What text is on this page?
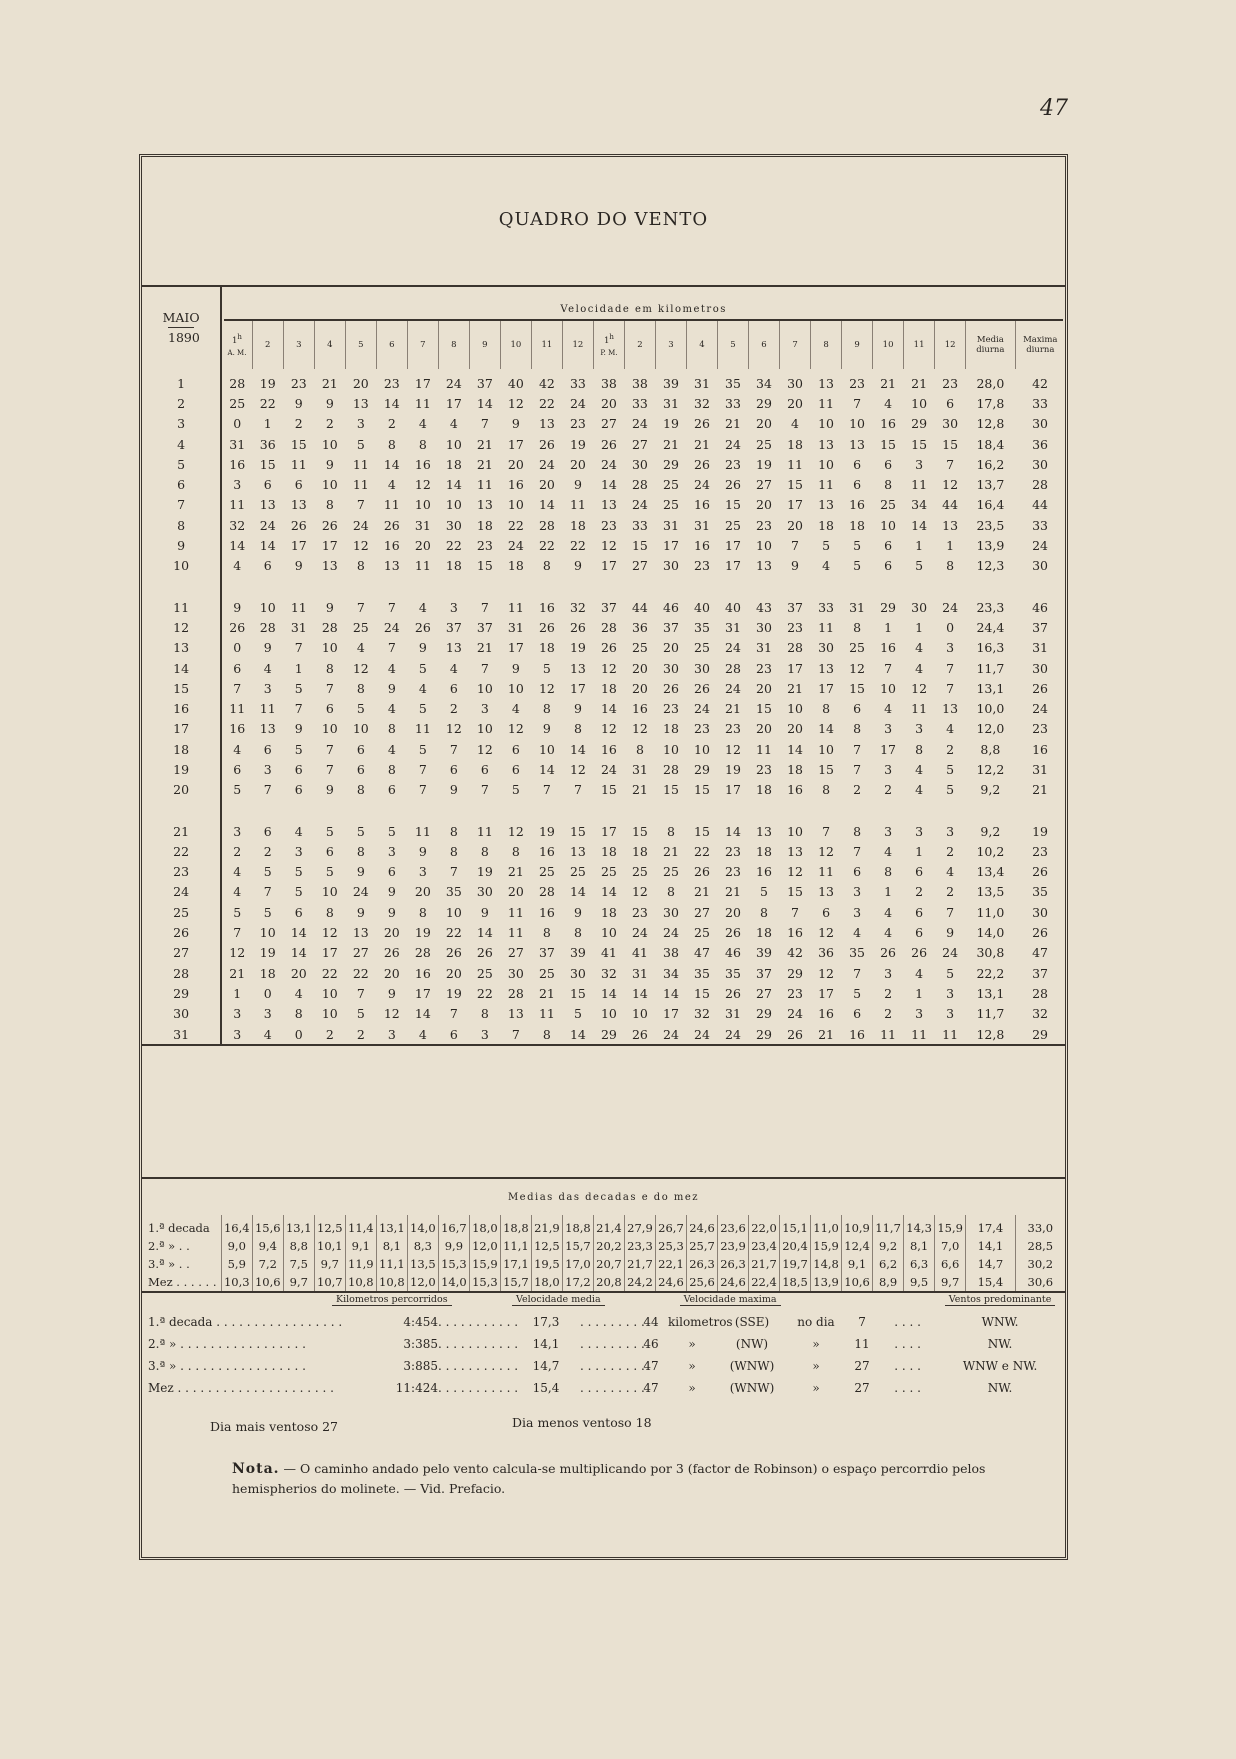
47
QUADRO DO VENTO
MAIO
1890	Velocidade em kilometros																									

	1$^h$
A. M.	2	3	4	5	6	7	8	9	10	11	12	1$^h$
P. M.	2	3	4	5	6	7	8	9	10	11	12	Media diurna	Maxima diurna
1	28	19	23	21	20	23	17	24	37	40	42	33	38	38	39	31	35	34	30	13	23	21	21	23	28,0	42
2	25	22	9	9	13	14	11	17	14	12	22	24	20	33	31	32	33	29	20	11	7	4	10	6	17,8	33
3	0	1	2	2	3	2	4	4	7	9	13	23	27	24	19	26	21	20	4	10	10	16	29	30	12,8	30
4	31	36	15	10	5	8	8	10	21	17	26	19	26	27	21	21	24	25	18	13	13	15	15	15	18,4	36
5	16	15	11	9	11	14	16	18	21	20	24	20	24	30	29	26	23	19	11	10	6	6	3	7	16,2	30
6	3	6	6	10	11	4	12	14	11	16	20	9	14	28	25	24	26	27	15	11	6	8	11	12	13,7	28
7	11	13	13	8	7	11	10	10	13	10	14	11	13	24	25	16	15	20	17	13	16	25	34	44	16,4	44
8	32	24	26	26	24	26	31	30	18	22	28	18	23	33	31	31	25	23	20	18	18	10	14	13	23,5	33
9	14	14	17	17	12	16	20	22	23	24	22	22	12	15	17	16	17	10	7	5	5	6	1	1	13,9	24
10	4	6	9	13	8	13	11	18	15	18	8	9	17	27	30	23	17	13	9	4	5	6	5	8	12,3	30

11	9	10	11	9	7	7	4	3	7	11	16	32	37	44	46	40	40	43	37	33	31	29	30	24	23,3	46
12	26	28	31	28	25	24	26	37	37	31	26	26	28	36	37	35	31	30	23	11	8	1	1	0	24,4	37
13	0	9	7	10	4	7	9	13	21	17	18	19	26	25	20	25	24	31	28	30	25	16	4	3	16,3	31
14	6	4	1	8	12	4	5	4	7	9	5	13	12	20	30	30	28	23	17	13	12	7	4	7	11,7	30
15	7	3	5	7	8	9	4	6	10	10	12	17	18	20	26	26	24	20	21	17	15	10	12	7	13,1	26
16	11	11	7	6	5	4	5	2	3	4	8	9	14	16	23	24	21	15	10	8	6	4	11	13	10,0	24
17	16	13	9	10	10	8	11	12	10	12	9	8	12	12	18	23	23	20	20	14	8	3	3	4	12,0	23
18	4	6	5	7	6	4	5	7	12	6	10	14	16	8	10	10	12	11	14	10	7	17	8	2	8,8	16
19	6	3	6	7	6	8	7	6	6	6	14	12	24	31	28	29	19	23	18	15	7	3	4	5	12,2	31
20	5	7	6	9	8	6	7	9	7	5	7	7	15	21	15	15	17	18	16	8	2	2	4	5	9,2	21

21	3	6	4	5	5	5	11	8	11	12	19	15	17	15	8	15	14	13	10	7	8	3	3	3	9,2	19
22	2	2	3	6	8	3	9	8	8	8	16	13	18	18	21	22	23	18	13	12	7	4	1	2	10,2	23
23	4	5	5	5	9	6	3	7	19	21	25	25	25	25	25	26	23	16	12	11	6	8	6	4	13,4	26
24	4	7	5	10	24	9	20	35	30	20	28	14	14	12	8	21	21	5	15	13	3	1	2	2	13,5	35
25	5	5	6	8	9	9	8	10	9	11	16	9	18	23	30	27	20	8	7	6	3	4	6	7	11,0	30
26	7	10	14	12	13	20	19	22	14	11	8	8	10	24	24	25	26	18	16	12	4	4	6	9	14,0	26
27	12	19	14	17	27	26	28	26	26	27	37	39	41	41	38	47	46	39	42	36	35	26	26	24	30,8	47
28	21	18	20	22	22	20	16	20	25	30	25	30	32	31	34	35	35	37	29	12	7	3	4	5	22,2	37
29	1	0	4	10	7	9	17	19	22	28	21	15	14	14	14	15	26	27	23	17	5	2	1	3	13,1	28
30	3	3	8	10	5	12	14	7	8	13	11	5	10	10	17	32	31	29	24	16	6	2	3	3	11,7	32
31	3	4	0	2	2	3	4	6	3	7	8	14	29	26	24	24	24	29	26	21	16	11	11	11	12,8	29
Medias das decadas e do mez																										
1.ª decada	16,4	15,6	13,1	12,5	11,4	13,1	14,0	16,7	18,0	18,8	21,9	18,8	21,4	27,9	26,7	24,6	23,6	22,0	15,1	11,0	10,9	11,7	14,3	15,9	17,4	33,0
2.ª » . .	9,0	9,4	8,8	10,1	9,1	8,1	8,3	9,9	12,0	11,1	12,5	15,7	20,2	23,3	25,3	25,7	23,9	23,4	20,4	15,9	12,4	9,2	8,1	7,0	14,1	28,5
3.ª » . .	5,9	7,2	7,5	9,7	11,9	11,1	13,5	15,3	15,9	17,1	19,5	17,0	20,7	21,7	22,1	26,3	26,3	21,7	19,7	14,8	9,1	6,2	6,3	6,6	14,7	30,2
Mez . . . . . .	10,3	10,6	9,7	10,7	10,8	10,8	12,0	14,0	15,3	15,7	18,0	17,2	20,8	24,2	24,6	25,6	24,6	22,4	18,5	13,9	10,6	8,9	9,5	9,7	15,4	30,6
	Kilometros percorridos		Velocidade media	Velocidade maxima							Ventos predominante
1.ª decada . . . . . . . . . . . . . . . . .	4:454	. . . . . . . . . . .	17,3	. . . . . . . . .	44	kilometros	(SSE)	no dia	7	. . . .	WNW.
2.ª » . . . . . . . . . . . . . . . . .	3:385	. . . . . . . . . . .	14,1	. . . . . . . . .	46	»	(NW)	»	11	. . . .	NW.
3.ª » . . . . . . . . . . . . . . . . .	3:885	. . . . . . . . . . .	14,7	. . . . . . . . .	47	»	(WNW)	»	27	. . . .	WNW e NW.
Mez . . . . . . . . . . . . . . . . . . . . .	11:424	. . . . . . . . . . .	15,4	. . . . . . . . .	47	»	(WNW)	»	27	. . . .	NW.
Dia mais ventoso 27	Dia menos ventoso 18
Nota. — O caminho andado pelo vento calcula-se multiplicando por 3 (factor de Robinson) o espaço percorrdio pelos hemispherios do molinete. — Vid. Prefacio.
